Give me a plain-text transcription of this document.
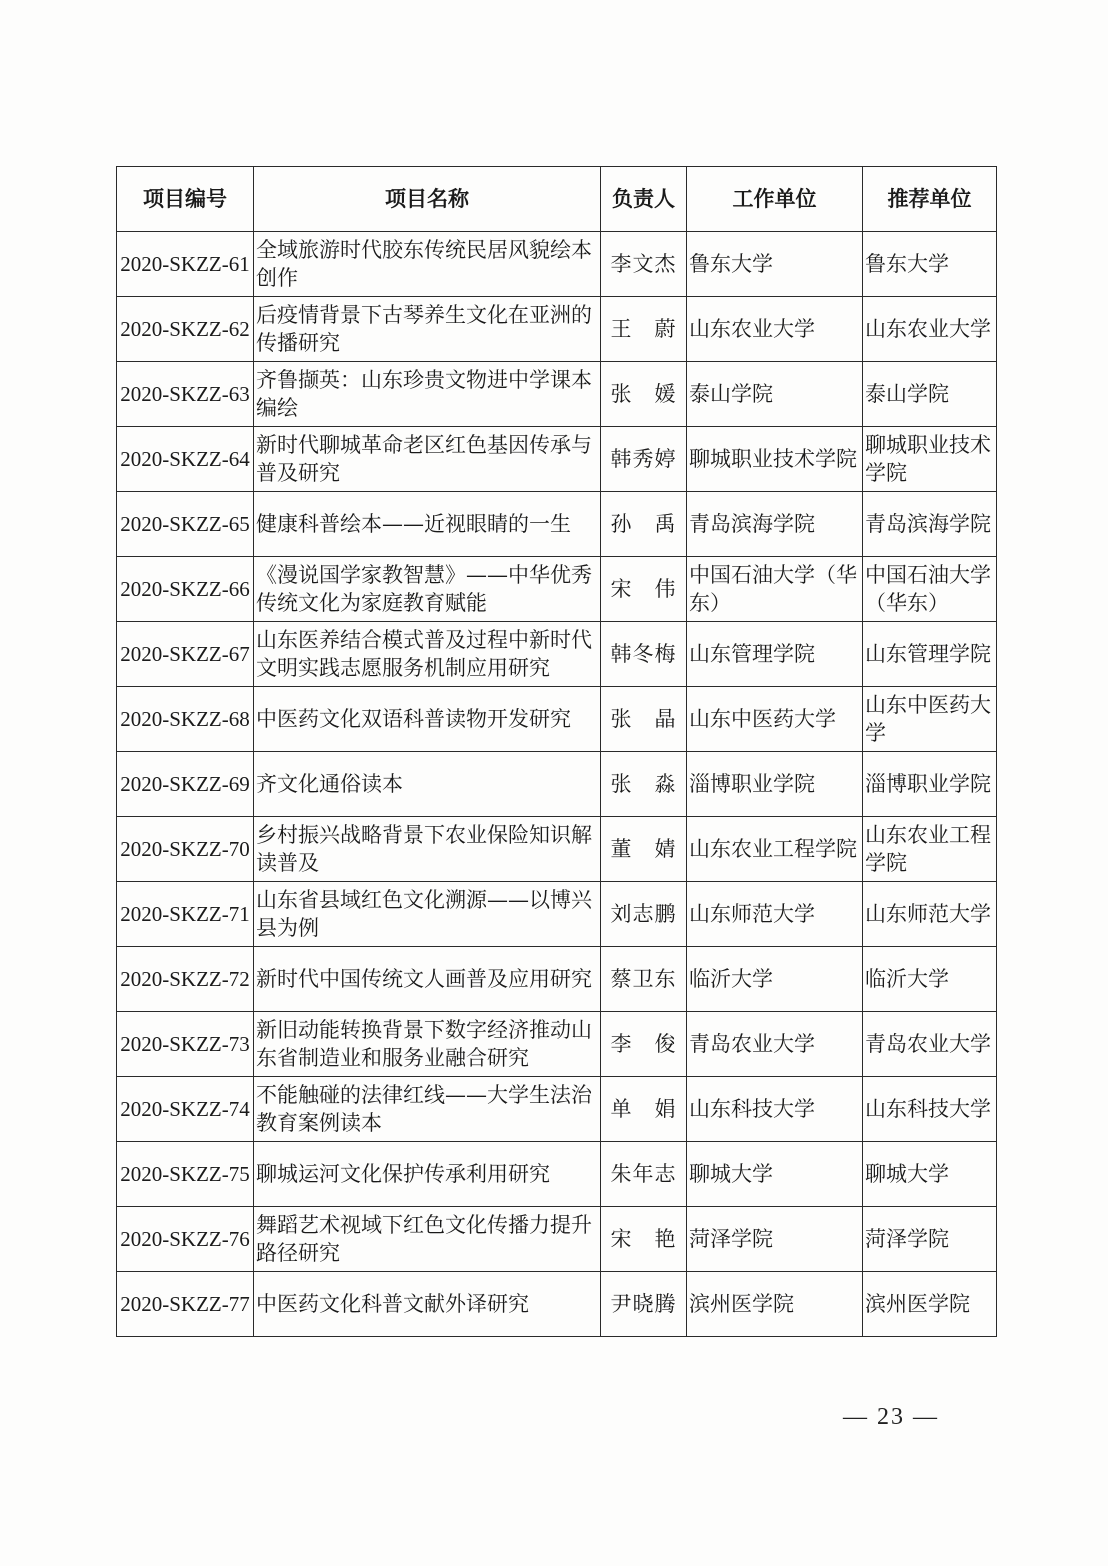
项目编号	项目名称	负责人	工作单位	推荐单位
2020-SKZZ-61	全域旅游时代胶东传统民居风貌绘本创作	李文杰	鲁东大学	鲁东大学
2020-SKZZ-62	后疫情背景下古琴养生文化在亚洲的传播研究	王　蔚	山东农业大学	山东农业大学
2020-SKZZ-63	齐鲁撷英：山东珍贵文物进中学课本编绘	张　媛	泰山学院	泰山学院
2020-SKZZ-64	新时代聊城革命老区红色基因传承与普及研究	韩秀婷	聊城职业技术学院	聊城职业技术学院
2020-SKZZ-65	健康科普绘本——近视眼睛的一生	孙　禹	青岛滨海学院	青岛滨海学院
2020-SKZZ-66	《漫说国学家教智慧》——中华优秀传统文化为家庭教育赋能	宋　伟	中国石油大学（华东）	中国石油大学（华东）
2020-SKZZ-67	山东医养结合模式普及过程中新时代文明实践志愿服务机制应用研究	韩冬梅	山东管理学院	山东管理学院
2020-SKZZ-68	中医药文化双语科普读物开发研究	张　晶	山东中医药大学	山东中医药大学
2020-SKZZ-69	齐文化通俗读本	张　淼	淄博职业学院	淄博职业学院
2020-SKZZ-70	乡村振兴战略背景下农业保险知识解读普及	董　婧	山东农业工程学院	山东农业工程学院
2020-SKZZ-71	山东省县域红色文化溯源——以博兴县为例	刘志鹏	山东师范大学	山东师范大学
2020-SKZZ-72	新时代中国传统文人画普及应用研究	蔡卫东	临沂大学	临沂大学
2020-SKZZ-73	新旧动能转换背景下数字经济推动山东省制造业和服务业融合研究	李　俊	青岛农业大学	青岛农业大学
2020-SKZZ-74	不能触碰的法律红线——大学生法治教育案例读本	单　娟	山东科技大学	山东科技大学
2020-SKZZ-75	聊城运河文化保护传承利用研究	朱年志	聊城大学	聊城大学
2020-SKZZ-76	舞蹈艺术视域下红色文化传播力提升路径研究	宋　艳	菏泽学院	菏泽学院
2020-SKZZ-77	中医药文化科普文献外译研究	尹晓腾	滨州医学院	滨州医学院
— 23 —
